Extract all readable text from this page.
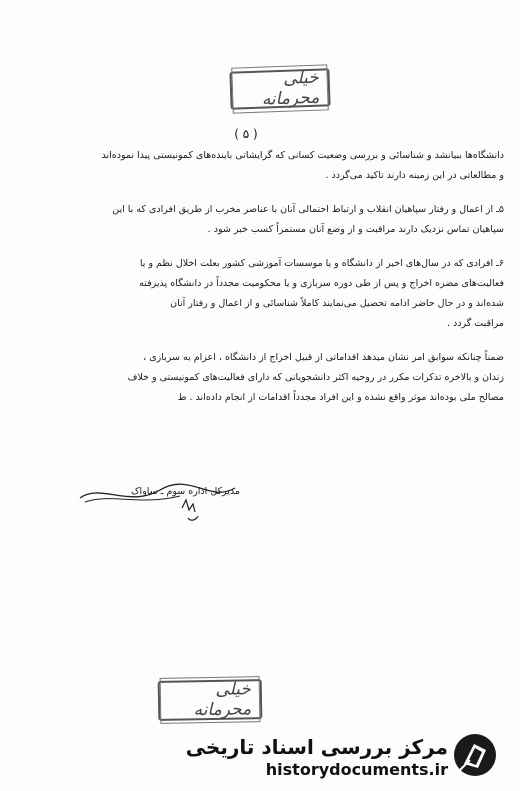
خیلی محرمانه
( ۵ )
دانشگاه‌ها ببیانشد و شناسائی و بررسی وضعیت کسانی که گرایشاتی باینده‌های کمونیستی پیدا نموده‌اند
و مطالعاتی در این زمینه دارند تاکید می‌گردد .
۵ـ از اعمال و رفتار سپاهیان انقلاب و ارتباط احتمالی آنان با عناصر مخرب از طریق افرادی که با این
سپاهیان تماس نزدیک دارند مراقبت و از وضع آنان مستمراً کسب خبر شود .
۶ـ افرادی که در سال‌های اخیر از دانشگاه و یا موسسات آموزشی کشور بعلت اخلال نظم و یا
فعالیت‌های مضره اخراج و پس از طی دوره سربازی و یا محکومیت مجدداً در دانشگاه پذیرفته
شده‌اند و در حال حاضر ادامه تحصیل می‌نمایند کاملاً شناسائی و از اعمال و رفتار آنان
مراقبت گردد .
ضمناً چنانکه سوابق امر نشان میدهد اقداماتی از قبیل اخراج از دانشگاه ، اعزام به سربازی ،
زندان و بالاخره تذکرات مکرر در روحیه اکثر دانشجویانی که دارای فعالیت‌های کمونیستی و خلاف
مصالح ملی بوده‌اند موثر واقع نشده و این افراد مجدداً اقدامات از انجام داده‌اند . ط
مدیرکل اداره سوم ـ ساواک
خیلی محرمانه
مرکز بررسی اسناد تاریخی
historydocuments.ir
